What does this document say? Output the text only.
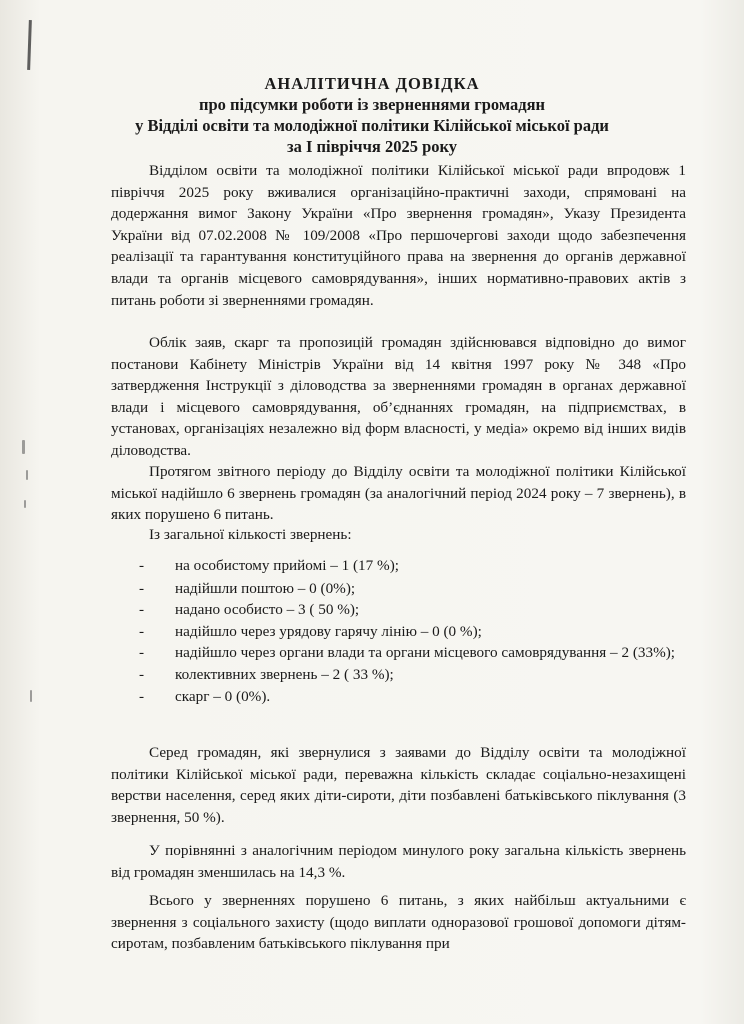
АНАЛІТИЧНА ДОВІДКА
про підсумки роботи із зверненнями громадян
у Відділі освіти та молодіжної політики Кілійської міської ради
за І півріччя 2025 року

Відділом освіти та молодіжної політики Кілійської міської ради впродовж 1 півріччя 2025 року вживалися організаційно-практичні заходи, спрямовані на додержання вимог Закону України «Про звернення громадян», Указу Президента України від 07.02.2008 № 109/2008 «Про першочергові заходи щодо забезпечення реалізації та гарантування конституційного права на звернення до органів державної влади та органів місцевого самоврядування», інших нормативно-правових актів з питань роботи зі зверненнями громадян.

Облік заяв, скарг та пропозицій громадян здійснювався відповідно до вимог постанови Кабінету Міністрів України від 14 квітня 1997 року № 348 «Про затвердження Інструкції з діловодства за зверненнями громадян в органах державної влади і місцевого самоврядування, об’єднаннях громадян, на підприємствах, в установах, організаціях незалежно від форм власності, у медіа» окремо від інших видів діловодства.

Протягом звітного періоду до Відділу освіти та молодіжної політики Кілійської міської надійшло 6 звернень громадян (за аналогічний період 2024 року – 7 звернень), в яких порушено 6 питань.

Із загальної кількості звернень:
-	на особистому прийомі – 1 (17 %);
-	надійшли поштою – 0 (0%);
-	надано особисто – 3 ( 50 %);
-	надійшло через урядову гарячу лінію – 0 (0 %);
-	надійшло через органи влади та органи місцевого самоврядування – 2 (33%);
-	колективних звернень – 2 ( 33 %);
-	скарг – 0 (0%).

Серед громадян, які звернулися з заявами до Відділу освіти та молодіжної політики Кілійської міської ради, переважна кількість складає соціально-незахищені верстви населення, серед яких діти-сироти, діти позбавлені батьківського піклування (3 звернення, 50 %).

У порівнянні з аналогічним періодом минулого року загальна кількість звернень від громадян зменшилась на 14,3 %.

Всього у зверненнях порушено 6 питань, з яких найбільш актуальними є звернення з соціального захисту (щодо виплати одноразової грошової допомоги дітям-сиротам, позбавленим батьківського піклування при
